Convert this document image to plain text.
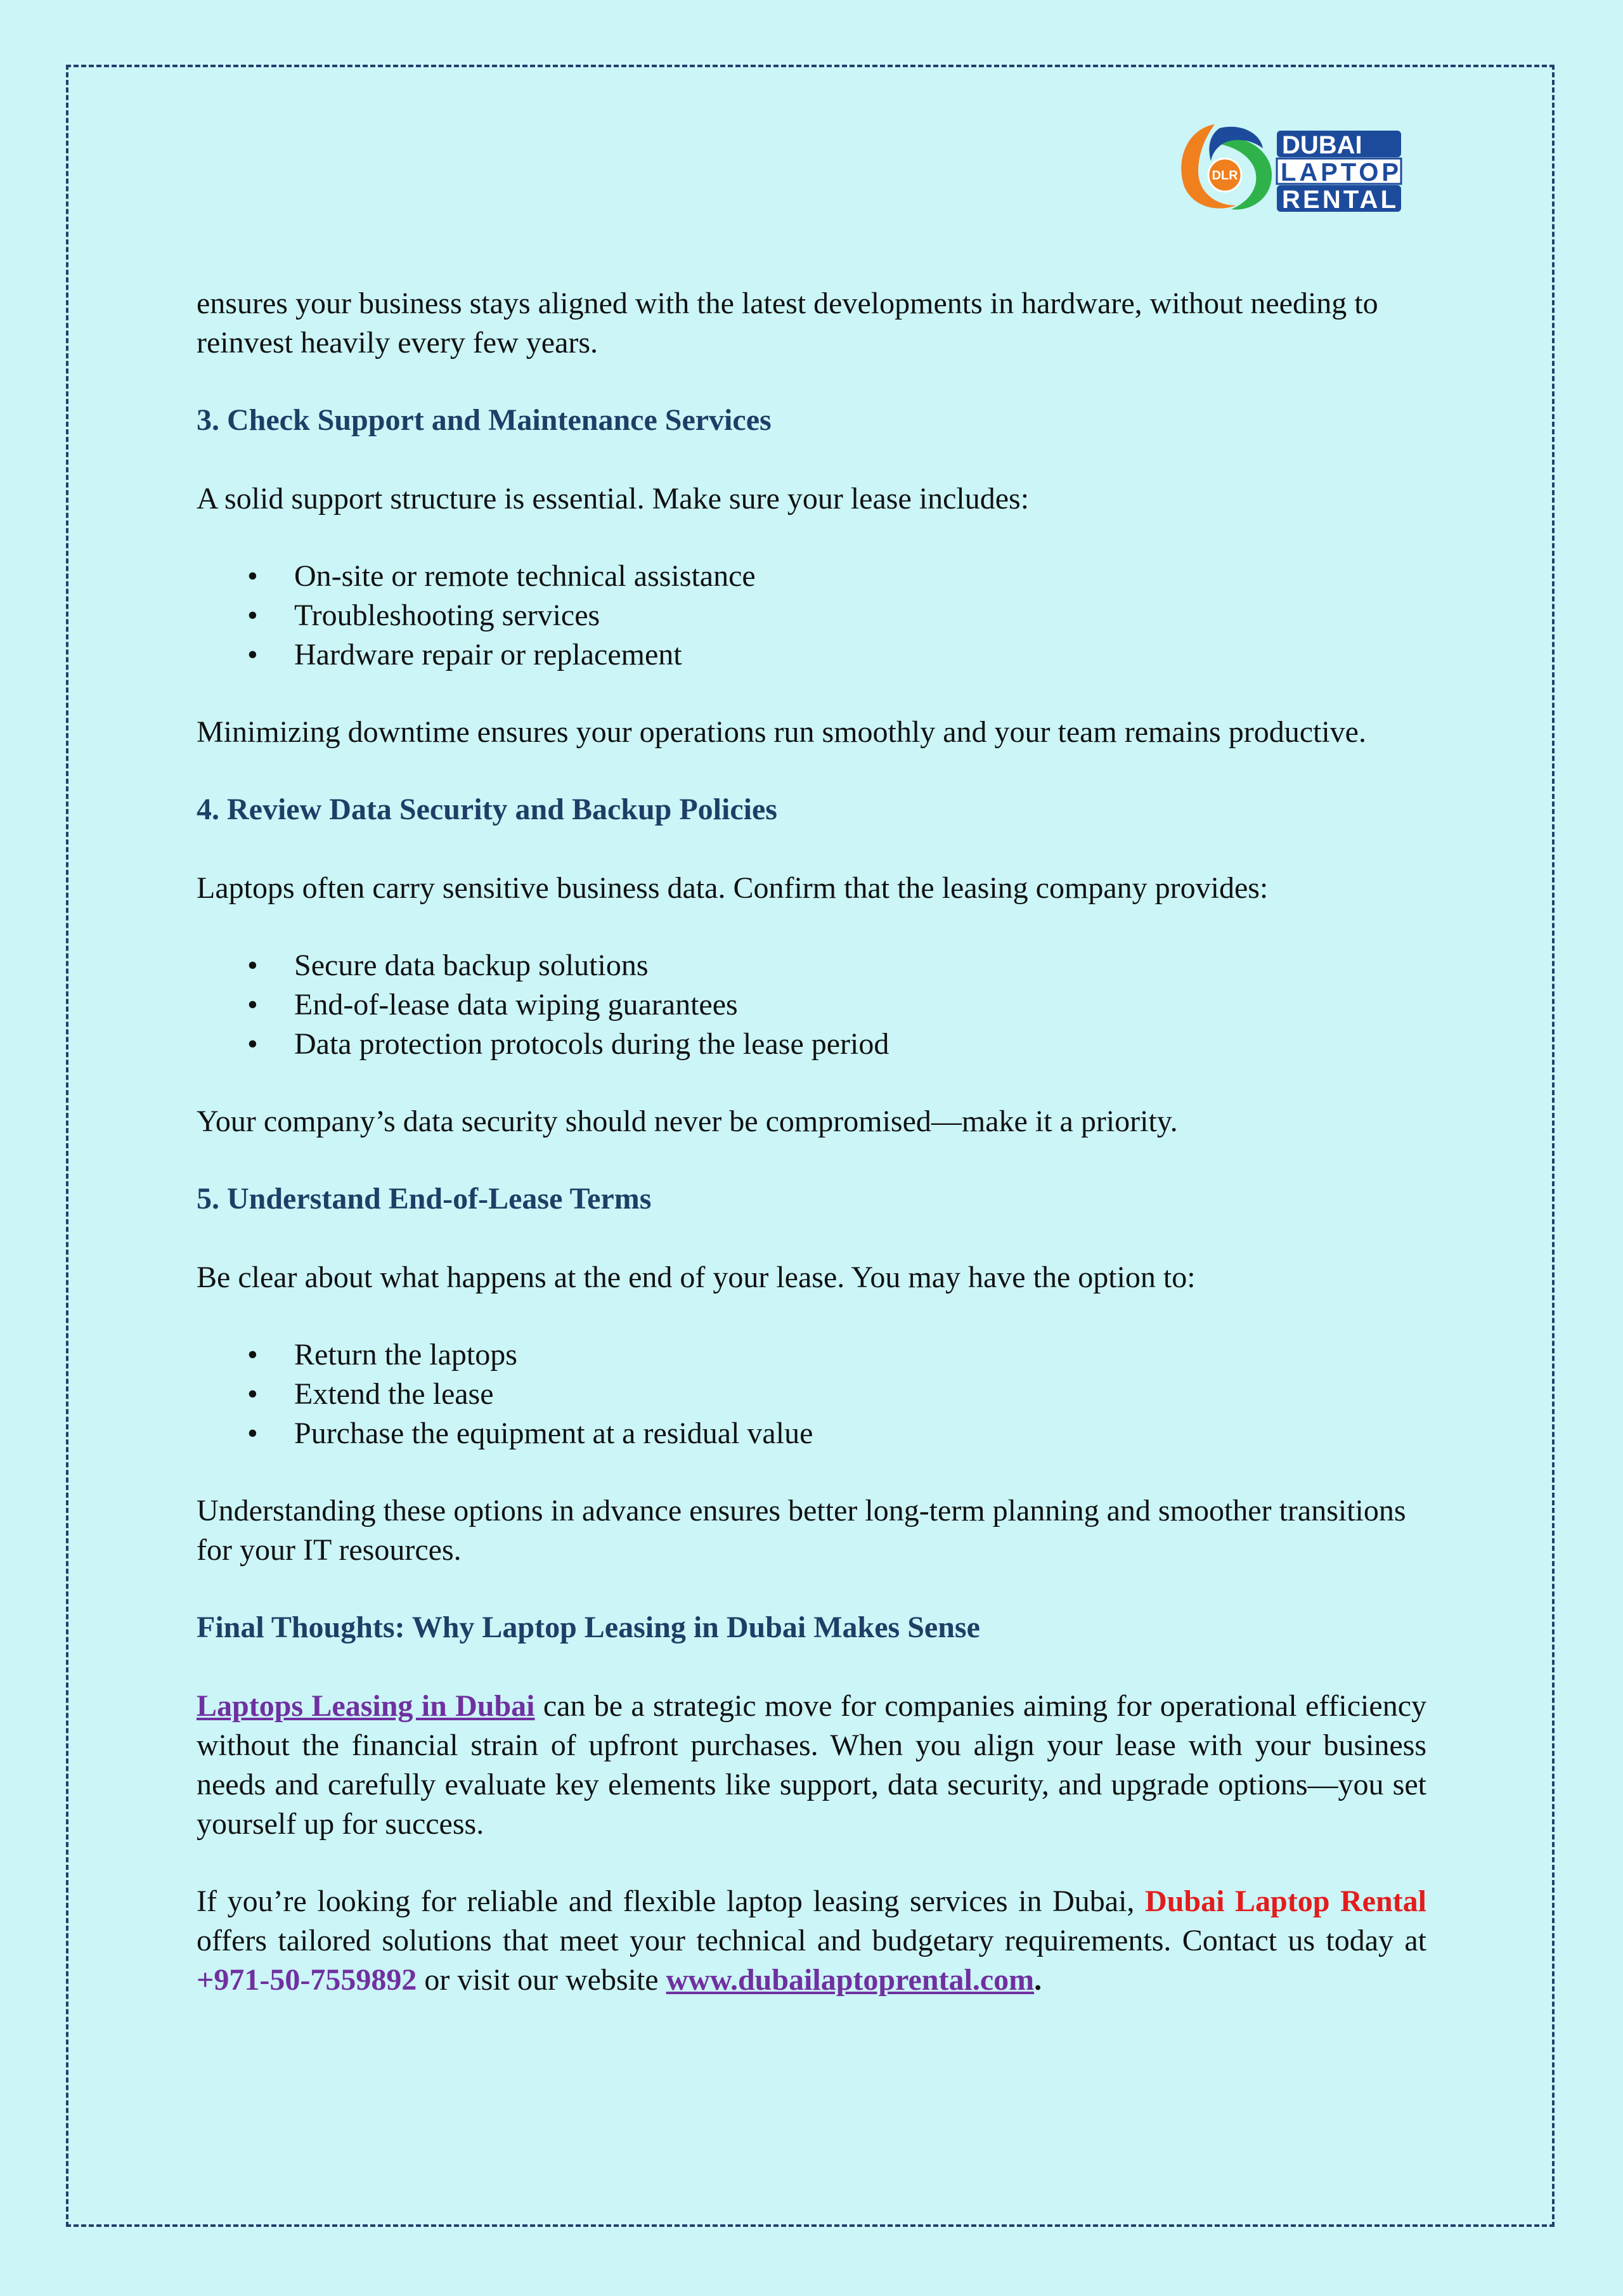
DLR
DUBAI
LAPTOP
RENTAL

ensures your business stays aligned with the latest developments in hardware, without needing to reinvest heavily every few years.

3. Check Support and Maintenance Services

A solid support structure is essential. Make sure your lease includes:

• On-site or remote technical assistance
• Troubleshooting services
• Hardware repair or replacement

Minimizing downtime ensures your operations run smoothly and your team remains productive.

4. Review Data Security and Backup Policies

Laptops often carry sensitive business data. Confirm that the leasing company provides:

• Secure data backup solutions
• End-of-lease data wiping guarantees
• Data protection protocols during the lease period

Your company’s data security should never be compromised—make it a priority.

5. Understand End-of-Lease Terms

Be clear about what happens at the end of your lease. You may have the option to:

• Return the laptops
• Extend the lease
• Purchase the equipment at a residual value

Understanding these options in advance ensures better long-term planning and smoother transitions for your IT resources.

Final Thoughts: Why Laptop Leasing in Dubai Makes Sense

Laptops Leasing in Dubai can be a strategic move for companies aiming for operational efficiency without the financial strain of upfront purchases. When you align your lease with your business needs and carefully evaluate key elements like support, data security, and upgrade options—you set yourself up for success.

If you’re looking for reliable and flexible laptop leasing services in Dubai, Dubai Laptop Rental offers tailored solutions that meet your technical and budgetary requirements. Contact us today at +971-50-7559892 or visit our website www.dubailaptoprental.com.
